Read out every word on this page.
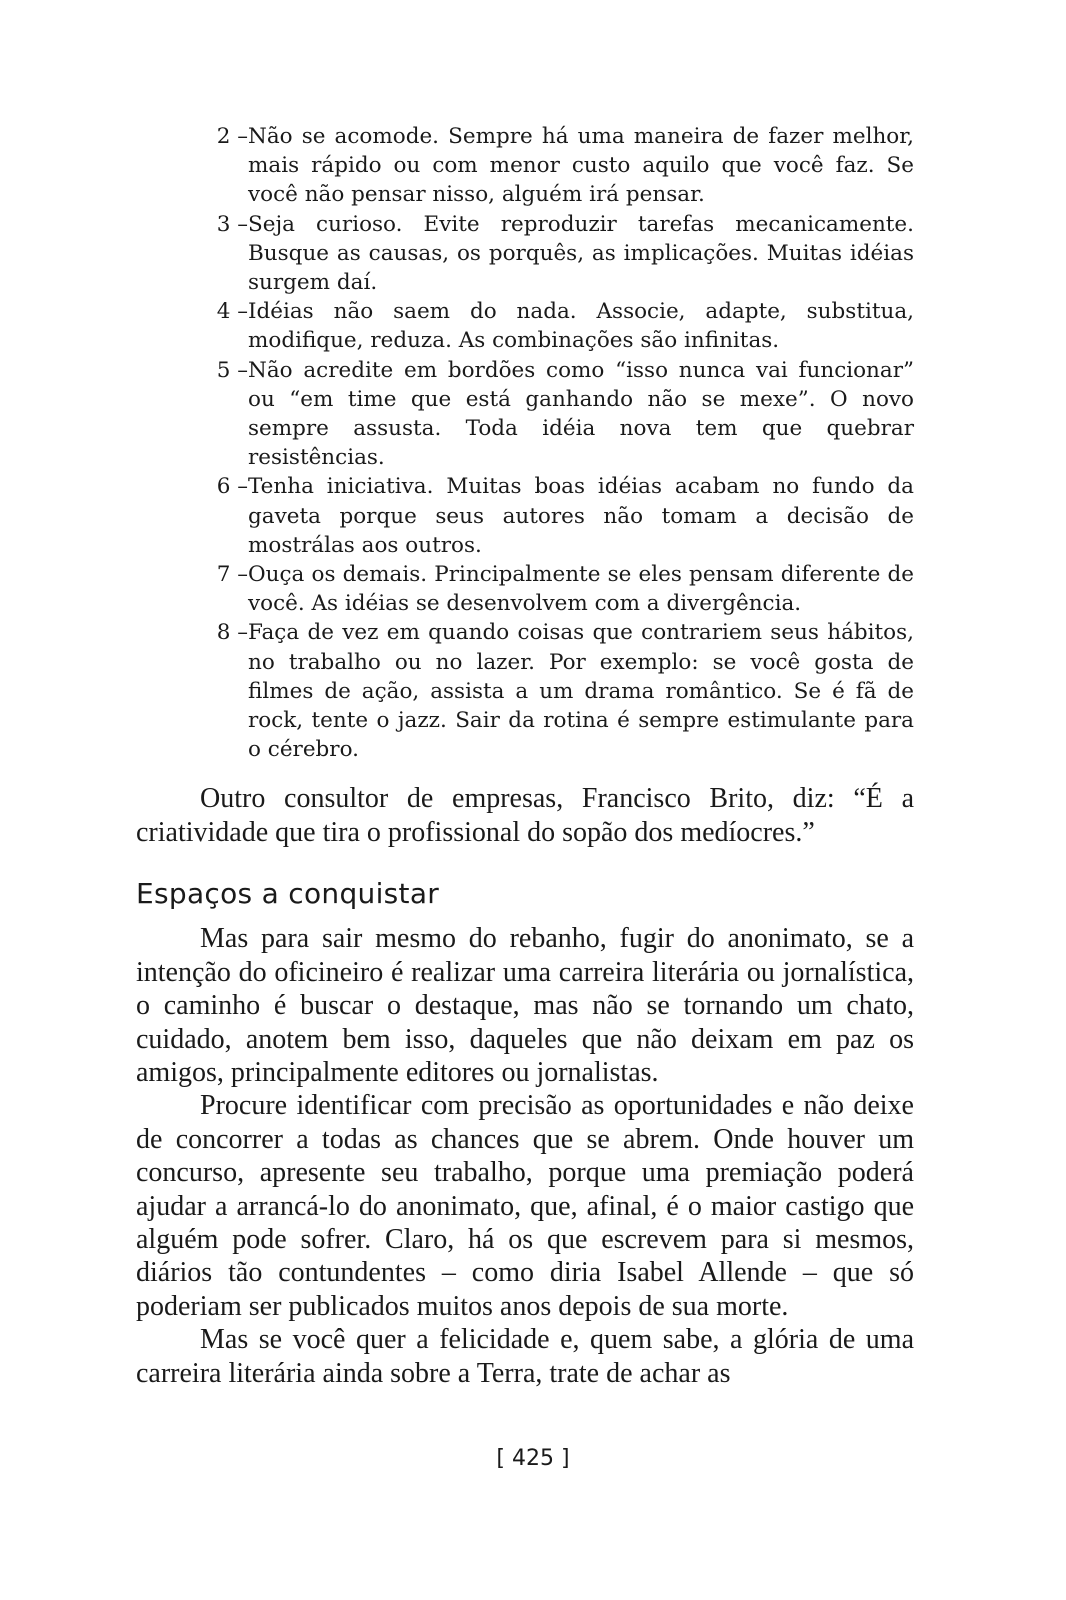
2 – Não se acomode. Sempre há uma maneira de fazer melhor, mais rápido ou com menor custo aquilo que você faz. Se você não pensar nisso, alguém irá pensar.
3 – Seja curioso. Evite reproduzir tarefas mecanicamente. Busque as causas, os porquês, as implicações. Muitas idéias surgem daí.
4 – Idéias não saem do nada. Associe, adapte, substitua, modifique, reduza. As combinações são infinitas.
5 – Não acredite em bordões como “isso nunca vai funcionar” ou “em time que está ganhando não se mexe”. O novo sempre assusta. Toda idéia nova tem que quebrar resistências.
6 – Tenha iniciativa. Muitas boas idéias acabam no fundo da gaveta porque seus autores não tomam a decisão de mostrálas aos outros.
7 – Ouça os demais. Principalmente se eles pensam diferente de você. As idéias se desenvolvem com a divergência.
8 – Faça de vez em quando coisas que contrariem seus hábitos, no trabalho ou no lazer. Por exemplo: se você gosta de filmes de ação, assista a um drama romântico. Se é fã de rock, tente o jazz. Sair da rotina é sempre estimulante para o cérebro.

Outro consultor de empresas, Francisco Brito, diz: “É a criatividade que tira o profissional do sopão dos medíocres.”

Espaços a conquistar

Mas para sair mesmo do rebanho, fugir do anonimato, se a intenção do oficineiro é realizar uma carreira literária ou jornalística, o caminho é buscar o destaque, mas não se tornando um chato, cuidado, anotem bem isso, daqueles que não deixam em paz os amigos, principalmente editores ou jornalistas.

Procure identificar com precisão as oportunidades e não deixe de concorrer a todas as chances que se abrem. Onde houver um concurso, apresente seu trabalho, porque uma premiação poderá ajudar a arrancá-lo do anonimato, que, afinal, é o maior castigo que alguém pode sofrer. Claro, há os que escrevem para si mesmos, diários tão contundentes – como diria Isabel Allende – que só poderiam ser publicados muitos anos depois de sua morte.

Mas se você quer a felicidade e, quem sabe, a glória de uma carreira literária ainda sobre a Terra, trate de achar as

[ 425 ]
